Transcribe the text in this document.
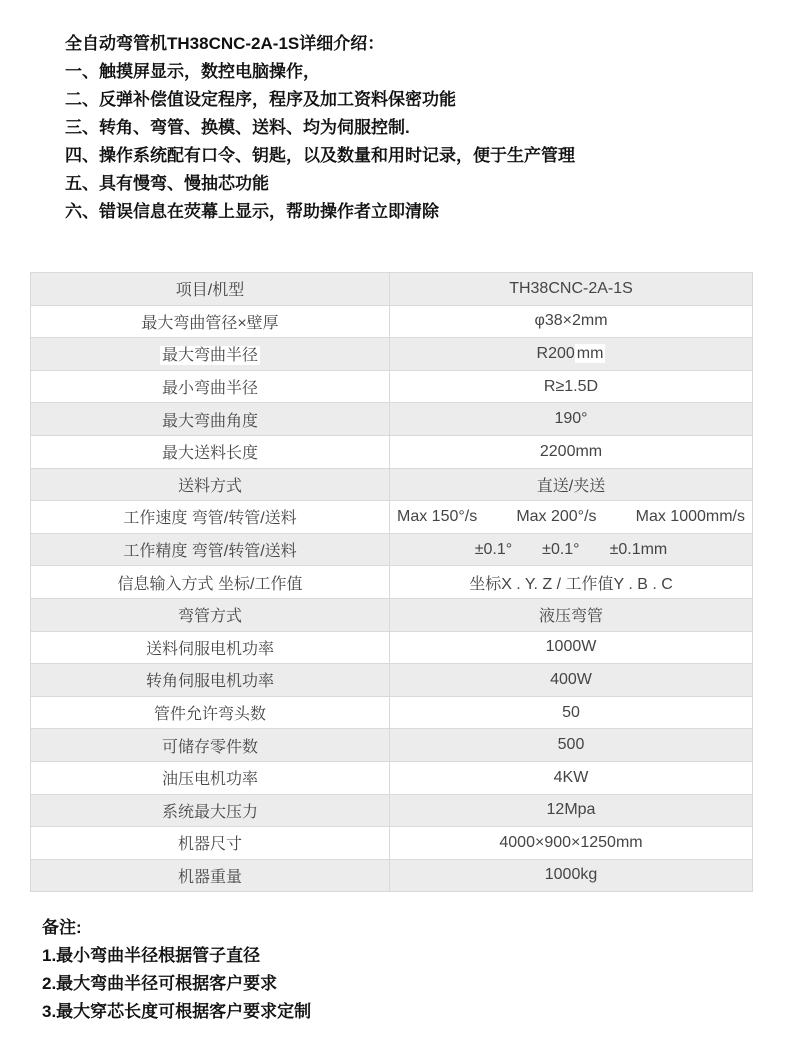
全自动弯管机TH38CNC-2A-1S详细介绍：
一、触摸屏显示，数控电脑操作，
二、反弹补偿值设定程序，程序及加工资料保密功能
三、转角、弯管、换模、送料、均为伺服控制.
四、操作系统配有口令、钥匙，以及数量和用时记录，便于生产管理
五、具有慢弯、慢抽芯功能
六、错误信息在荧幕上显示，帮助操作者立即清除
项目/机型	TH38CNC-2A-1S
最大弯曲管径×壁厚	φ38×2mm
最大弯曲半径	R200 mm
最小弯曲半径	R≥1.5D
最大弯曲角度	190°
最大送料长度	2200mm
送料方式	直送/夹送
工作速度 弯管/转管/送料	Max 150°/s Max 200°/s Max 1000mm/s

工作精度 弯管/转管/送料	±0.1° ±0.1° ±0.1mm

信息输入方式 坐标/工作值	坐标X . Y. Z / 工作值Y . B . C
弯管方式	液压弯管
送料伺服电机功率	1000W
转角伺服电机功率	400W
管件允许弯头数	50
可储存零件数	500
油压电机功率	4KW
系统最大压力	12Mpa
机器尺寸	4000×900×1250mm
机器重量	1000kg
备注:
1.最小弯曲半径根据管子直径
2.最大弯曲半径可根据客户要求
3.最大穿芯长度可根据客户要求定制
